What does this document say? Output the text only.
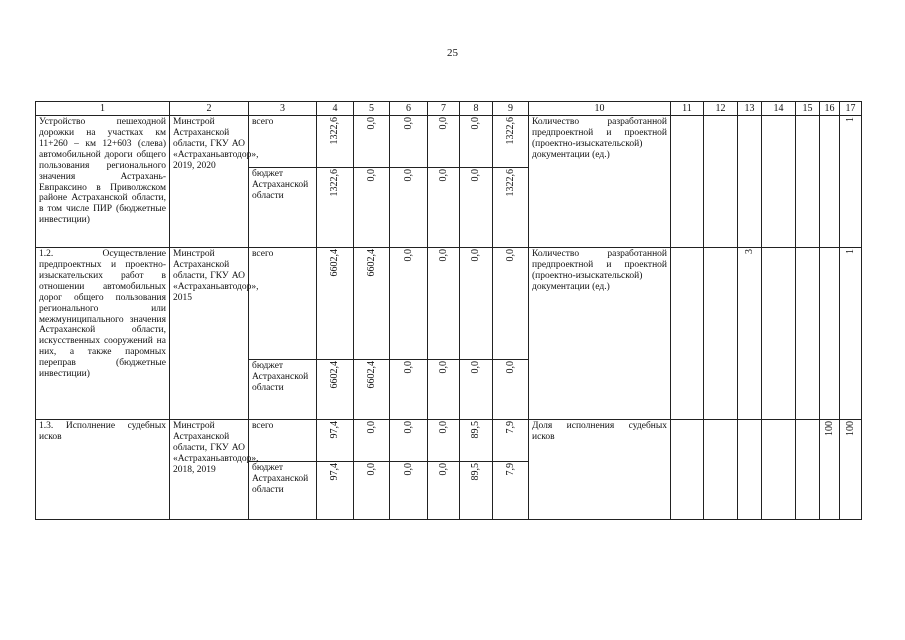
25
1	2	3	4	5	6	7	8	9	10	11	12	13	14	15	16	17
Устройство пешеходной дорожки на участках км 11+260 – км 12+603 (слева) автомобильной дороги общего пользования регионального значения Астрахань-Евпраксино в Приволжском районе Астраханской области, в том числе ПИР (бюджетные инвестиции)	Минстрой Астраханской области, ГКУ АО «Астраханьавтодор», 2019, 2020	всего	1322,6	0,0	0,0	0,0	0,0	1322,6	Количество разработанной предпроектной и проектной (проектно-изыскательской) документации (ед.)							1

		бюджет Астраханской области	1322,6	0,0	0,0	0,0	0,0	1322,6								

1.2. Осуществление предпроектных и проектно-изыскательских работ в отношении автомобильных дорог общего пользования регионального или межмуниципального значения Астраханской области, искусственных сооружений на них, а также паромных переправ (бюджетные инвестиции)	Минстрой Астраханской области, ГКУ АО «Астраханьавтодор», 2015	всего	6602,4	6602,4	0,0	0,0	0,0	0,0	Количество разработанной предпроектной и проектной (проектно-изыскательской) документации (ед.)			3				1

		бюджет Астраханской области	6602,4	6602,4	0,0	0,0	0,0	0,0								

1.3. Исполнение судебных исков	Минстрой Астраханской области, ГКУ АО «Астраханьавтодор», 2018, 2019	всего	97,4	0,0	0,0	0,0	89,5	7,9	Доля исполнения судебных исков						100	100

		бюджет Астраханской области	97,4	0,0	0,0	0,0	89,5	7,9								
